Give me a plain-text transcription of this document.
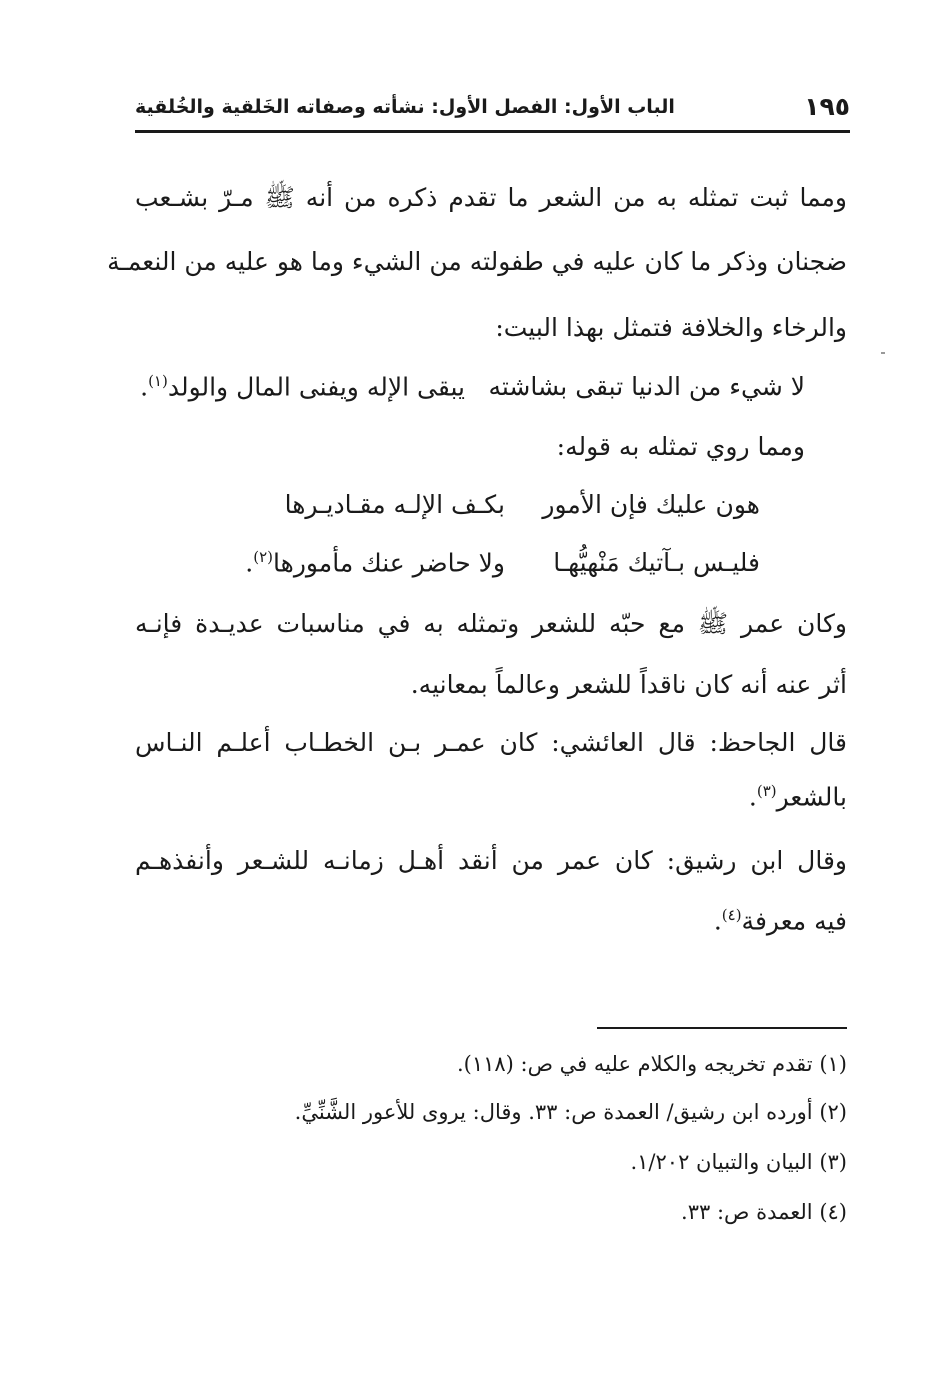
الباب الأول: الفصل الأول: نشأته وصفاته الخَلقية والخُلقية	١٩٥
ومما ثبت تمثله به من الشعر ما تقدم ذكره من أنه ﷺ مـرّ بشـعب
ضجنان وذكر ما كان عليه في طفولته من الشيء وما هو عليه من النعمـة
والرخاء والخلافة فتمثل بهذا البيت:
لا شيء من الدنيا تبقى بشاشته
يبقى الإله ويفنى المال والولد$^{(١)}$.
ومما روي تمثله به قوله:
هون عليك فإن الأمور
بكـف الإلـه مقـاديـرها
فليـس بـآتيك مَنْهيُّهـا
ولا حاضر عنك مأمورها$^{(٢)}$.
وكان عمر ﷺ مع حبّه للشعر وتمثله به في مناسبات عديـدة فإنـه
أثر عنه أنه كان ناقداً للشعر وعالماً بمعانيه.
قال الجاحظ: قال العائشي: كان عمـر بـن الخطـاب أعلـم النـاس
بالشعر$^{(٣)}$.
وقال ابن رشيق: كان عمر من أنقد أهـل زمانـه للشـعر وأنفذهـم
فيه معرفة$^{(٤)}$.
(١) تقدم تخريجه والكلام عليه في ص: (١١٨).
(٢) أورده ابن رشيق/ العمدة ص: ٣٣. وقال: يروى للأعور الشَّنِّيِّ.
(٣) البيان والتبيان ١/٢٠٢.
(٤) العمدة ص: ٣٣.
